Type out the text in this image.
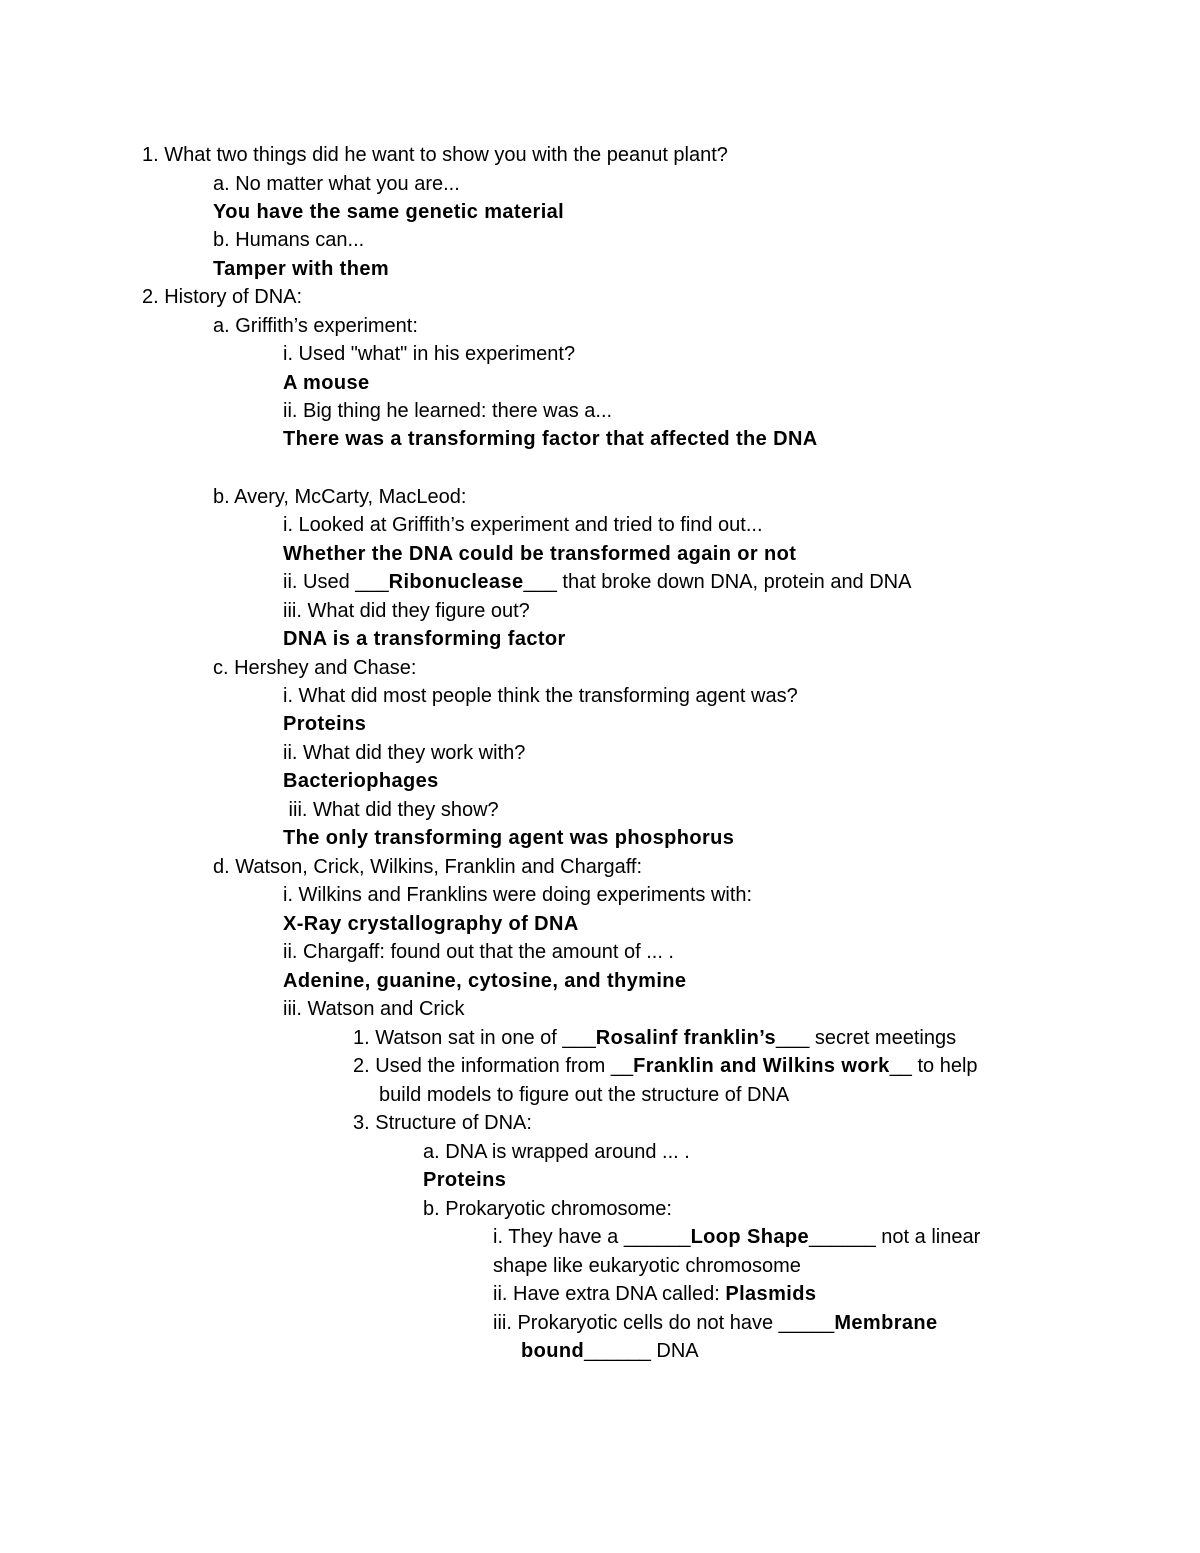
1. What two things did he want to show you with the peanut plant?
a. No matter what you are...
You have the same genetic material
b. Humans can...
Tamper with them
2. History of DNA:
a. Griffith’s experiment:
i. Used "what" in his experiment?
A mouse
ii. Big thing he learned: there was a...
There was a transforming factor that affected the DNA
b. Avery, McCarty, MacLeod:
i. Looked at Griffith’s experiment and tried to find out...
Whether the DNA could be transformed again or not
ii. Used ___Ribonuclease___ that broke down DNA, protein and DNA
iii. What did they figure out?
DNA is a transforming factor
c. Hershey and Chase:
i. What did most people think the transforming agent was?
Proteins
ii. What did they work with?
Bacteriophages
iii. What did they show?
The only transforming agent was phosphorus
d. Watson, Crick, Wilkins, Franklin and Chargaff:
i. Wilkins and Franklins were doing experiments with:
X-Ray crystallography of DNA
ii. Chargaff: found out that the amount of ... .
Adenine, guanine, cytosine, and thymine
iii. Watson and Crick
1. Watson sat in one of ___Rosalinf franklin’s___ secret meetings
2. Used the information from __Franklin and Wilkins work__ to help
build models to figure out the structure of DNA
3. Structure of DNA:
a. DNA is wrapped around ... .
Proteins
b. Prokaryotic chromosome:
i. They have a ______Loop Shape______ not a linear
shape like eukaryotic chromosome
ii. Have extra DNA called: Plasmids
iii. Prokaryotic cells do not have _____Membrane
bound______ DNA
